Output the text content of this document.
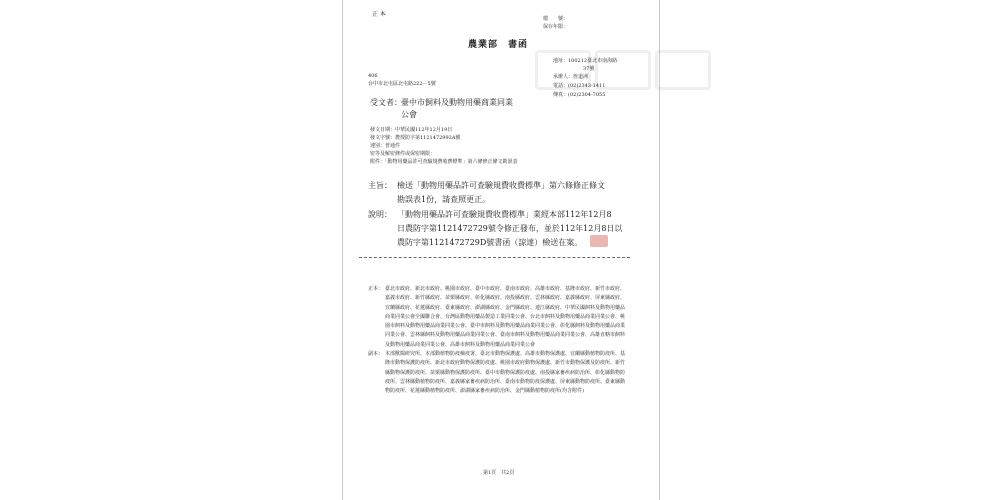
正 本
檔　　號：
保存年限：
農業部　書函
地址：100212臺北市南海路
37號
承辦人：詹道洲
電話：(02)2343-1411
傳真：(02)2304-7055
406
台中市北屯區北屯路222－5號
受文者： 臺中市飼料及動物用藥商業同業
公會
發文日期：中華民國112年12月19日
發文字號：農授防字第1121472992A號
速別：普通件
密等及解密條件或保密期限：
附件：「動物用藥品許可查驗規費收費標準」第六條修正條文勘誤表
主旨： 檢送「動物用藥品許可查驗規費收費標準」第六條修正條文
勘誤表1份，請查照更正。
說明： 「動物用藥品許可查驗規費收費標準」業經本部112年12月8
日農防字第1121472729號令修正發布，並於112年12月8日以
農防字第1121472729D號書函（諒達）檢送在案。
正本： 臺北市政府、新北市政府、桃園市政府、臺中市政府、臺南市政府、高雄市政府、基隆市政府、新竹市政府、嘉義市政府、新竹縣政府、苗栗縣政府、彰化縣政府、南投縣政府、雲林縣政府、嘉義縣政府、屏東縣政府、宜蘭縣政府、花蓮縣政府、臺東縣政府、澎湖縣政府、金門縣政府、連江縣政府、中華民國飼料及動物用藥品商業同業公會全國聯合會、台灣區動物用藥品製造工業同業公會、台北市飼料及動物用藥品商業同業公會、桃園市飼料及動物用藥品商業同業公會、臺中市飼料及動物用藥品商業同業公會、彰化縣飼料及動物用藥品商業同業公會、雲林縣飼料及動物用藥品商業同業公會、臺南市飼料及動物用藥品商業同業公會、高雄直轄市飼料及動物用藥品商業同業公會、高雄市飼料及動物用藥品商業同業公會
副本： 本部獸醫研究所、本部動植物防疫檢疫署、臺北市動物保護處、高雄市動物保護處、宜蘭縣動植物防疫所、基隆市動物保護防疫所、新北市政府動物保護防疫處、桃園市政府動物保護處、新竹市動物保護及防疫所、新竹縣動物保護防疫所、苗栗縣動物保護防疫所、臺中市動物保護防疫處、南投縣家畜疾病防治所、彰化縣動物防疫所、雲林縣動植物防疫所、嘉義縣家畜疾病防治所、臺南市動物防疫保護處、屏東縣動物防疫所、臺東縣動物防疫所、花蓮縣動植物防疫所、澎湖縣家畜疾病防治所、金門縣動植物防疫所(均含附件)
第1頁　共2頁
